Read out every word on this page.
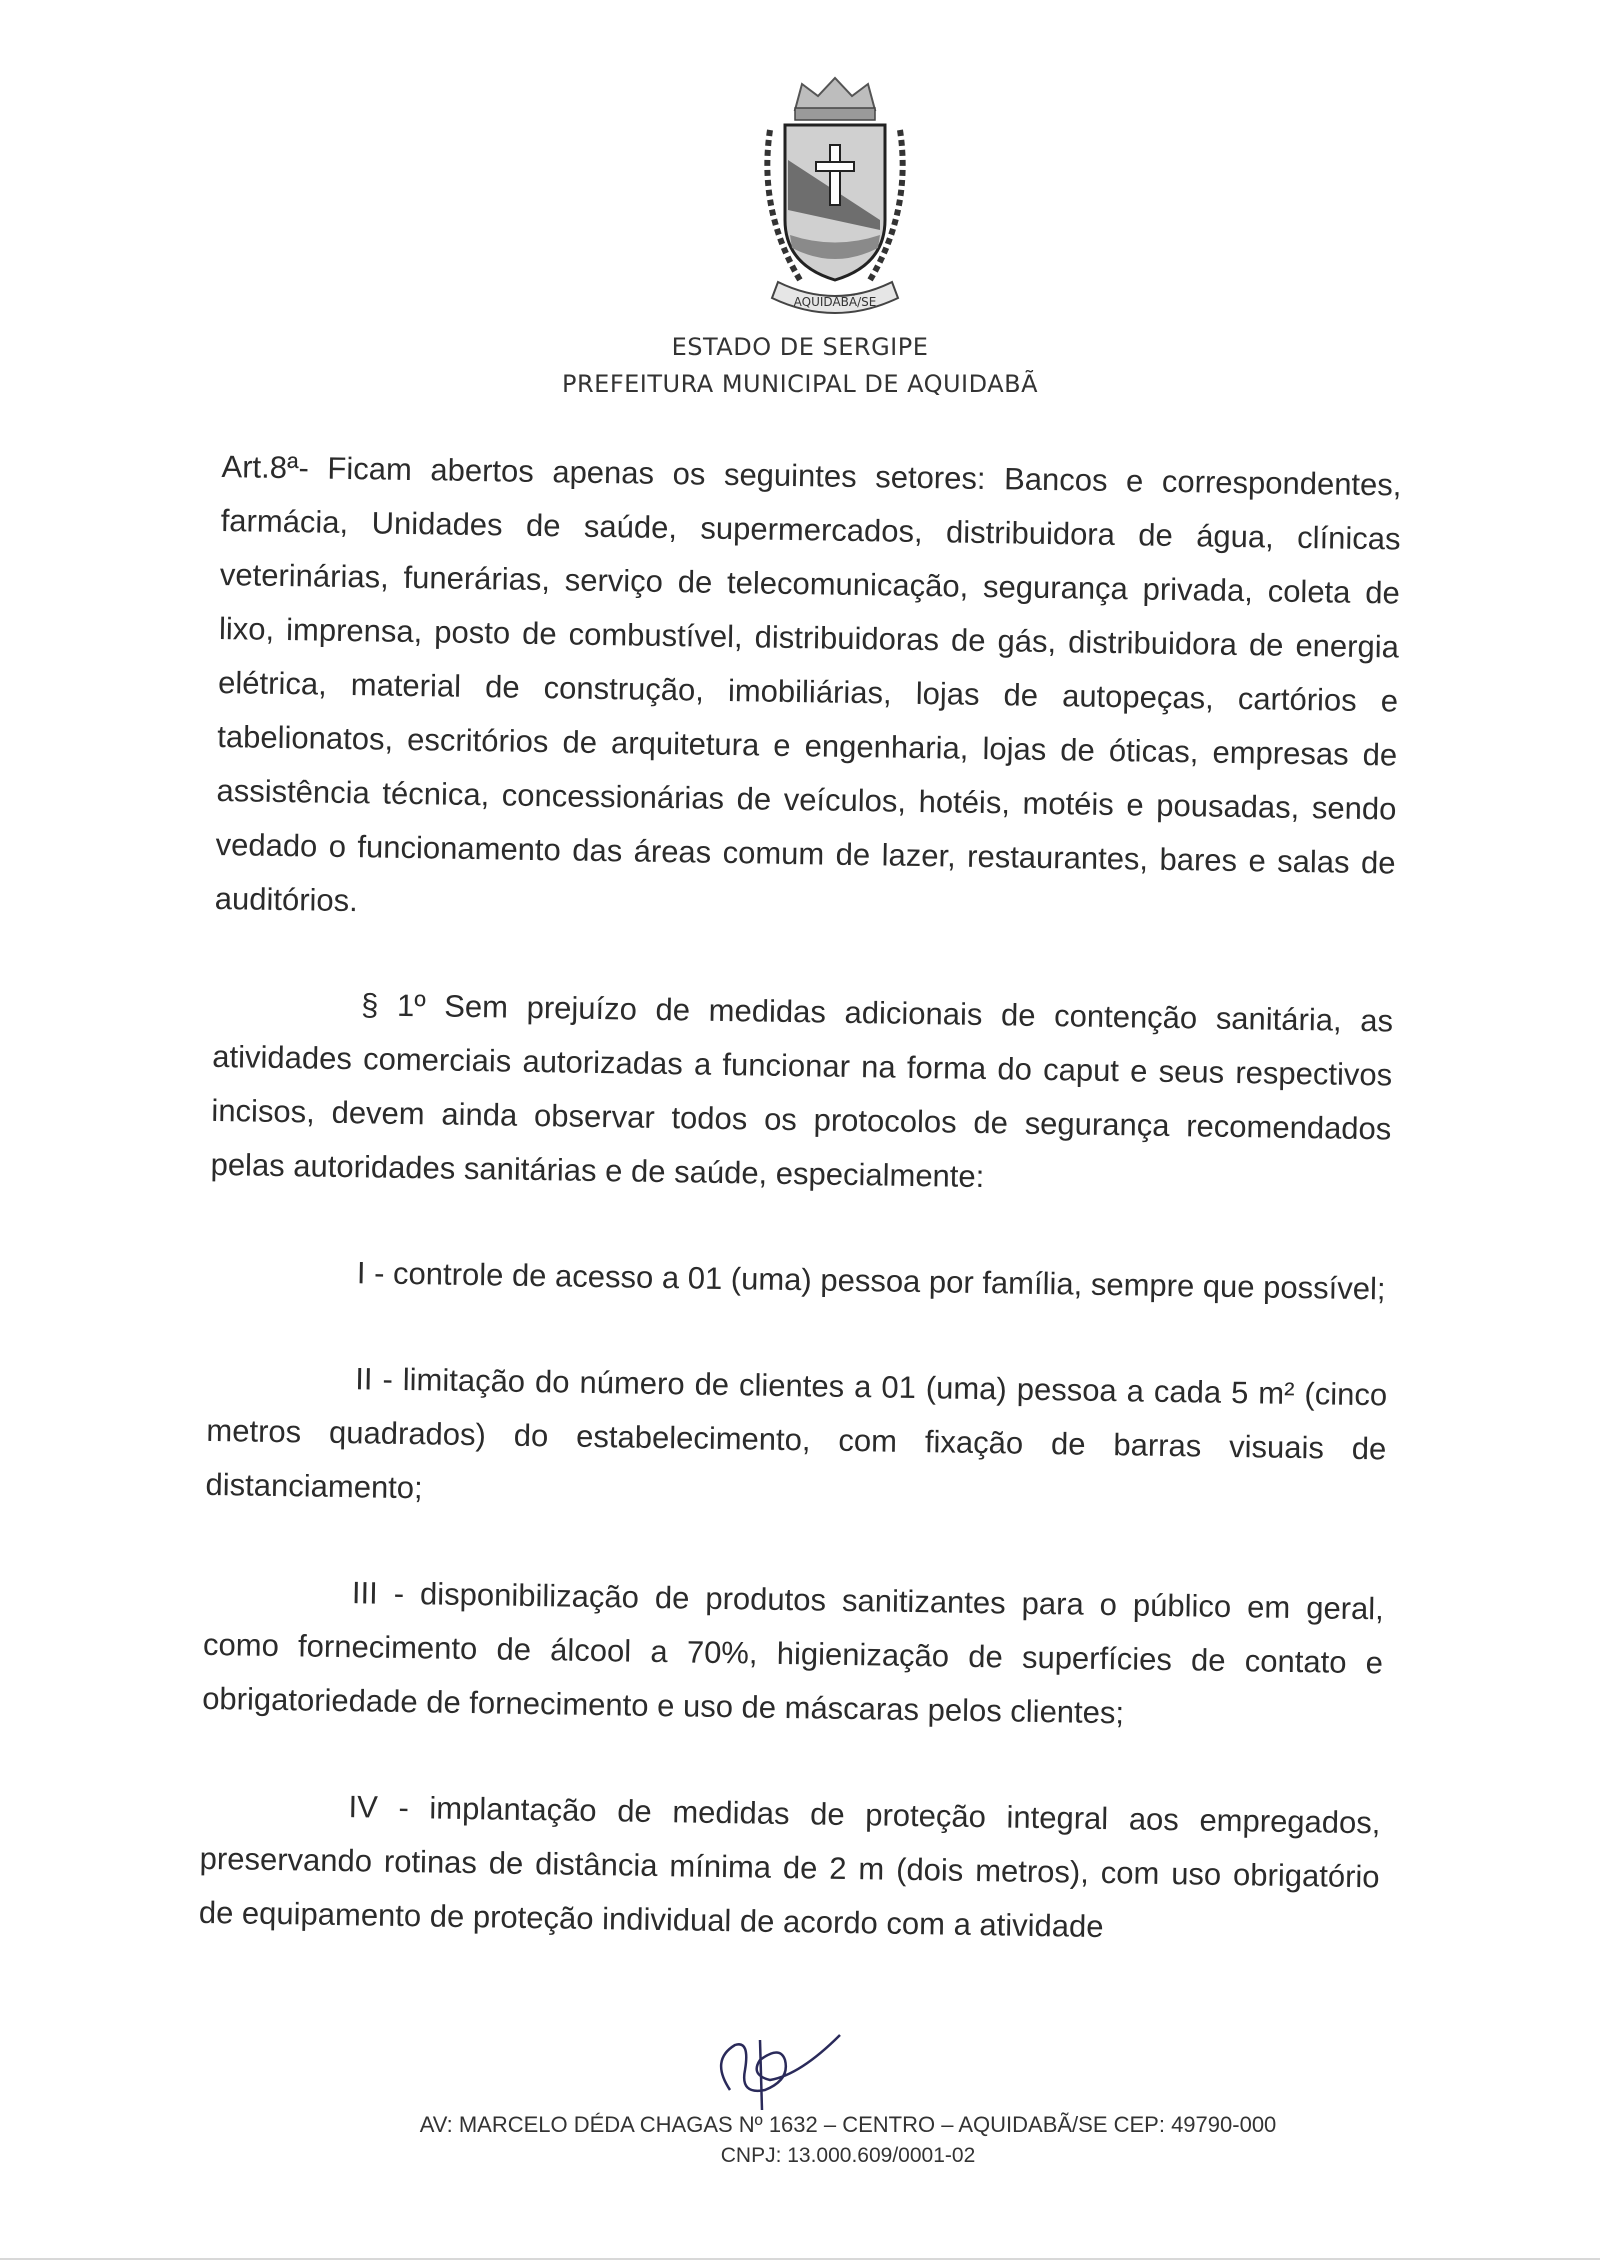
AQUIDABÃ/SE
ESTADO DE SERGIPE
PREFEITURA MUNICIPAL DE AQUIDABÃ

Art.8ª- Ficam abertos apenas os seguintes setores: Bancos e correspondentes, farmácia, Unidades de saúde, supermercados, distribuidora de água, clínicas veterinárias, funerárias, serviço de telecomunicação, segurança privada, coleta de lixo, imprensa, posto de combustível, distribuidoras de gás, distribuidora de energia elétrica, material de construção, imobiliárias, lojas de autopeças, cartórios e tabelionatos, escritórios de arquitetura e engenharia, lojas de óticas, empresas de assistência técnica, concessionárias de veículos, hotéis, motéis e pousadas, sendo vedado o funcionamento das áreas comum de lazer, restaurantes, bares e salas de auditórios.

§ 1º Sem prejuízo de medidas adicionais de contenção sanitária, as atividades comerciais autorizadas a funcionar na forma do caput e seus respectivos incisos, devem ainda observar todos os protocolos de segurança recomendados pelas autoridades sanitárias e de saúde, especialmente:

I - controle de acesso a 01 (uma) pessoa por família, sempre que possível;

II - limitação do número de clientes a 01 (uma) pessoa a cada 5 m² (cinco metros quadrados) do estabelecimento, com fixação de barras visuais de distanciamento;

III - disponibilização de produtos sanitizantes para o público em geral, como fornecimento de álcool a 70%, higienização de superfícies de contato e obrigatoriedade de fornecimento e uso de máscaras pelos clientes;

IV - implantação de medidas de proteção integral aos empregados, preservando rotinas de distância mínima de 2 m (dois metros), com uso obrigatório de equipamento de proteção individual de acordo com a atividade

AV: MARCELO DÉDA CHAGAS Nº 1632 – CENTRO – AQUIDABÃ/SE CEP: 49790-000
CNPJ: 13.000.609/0001-02
